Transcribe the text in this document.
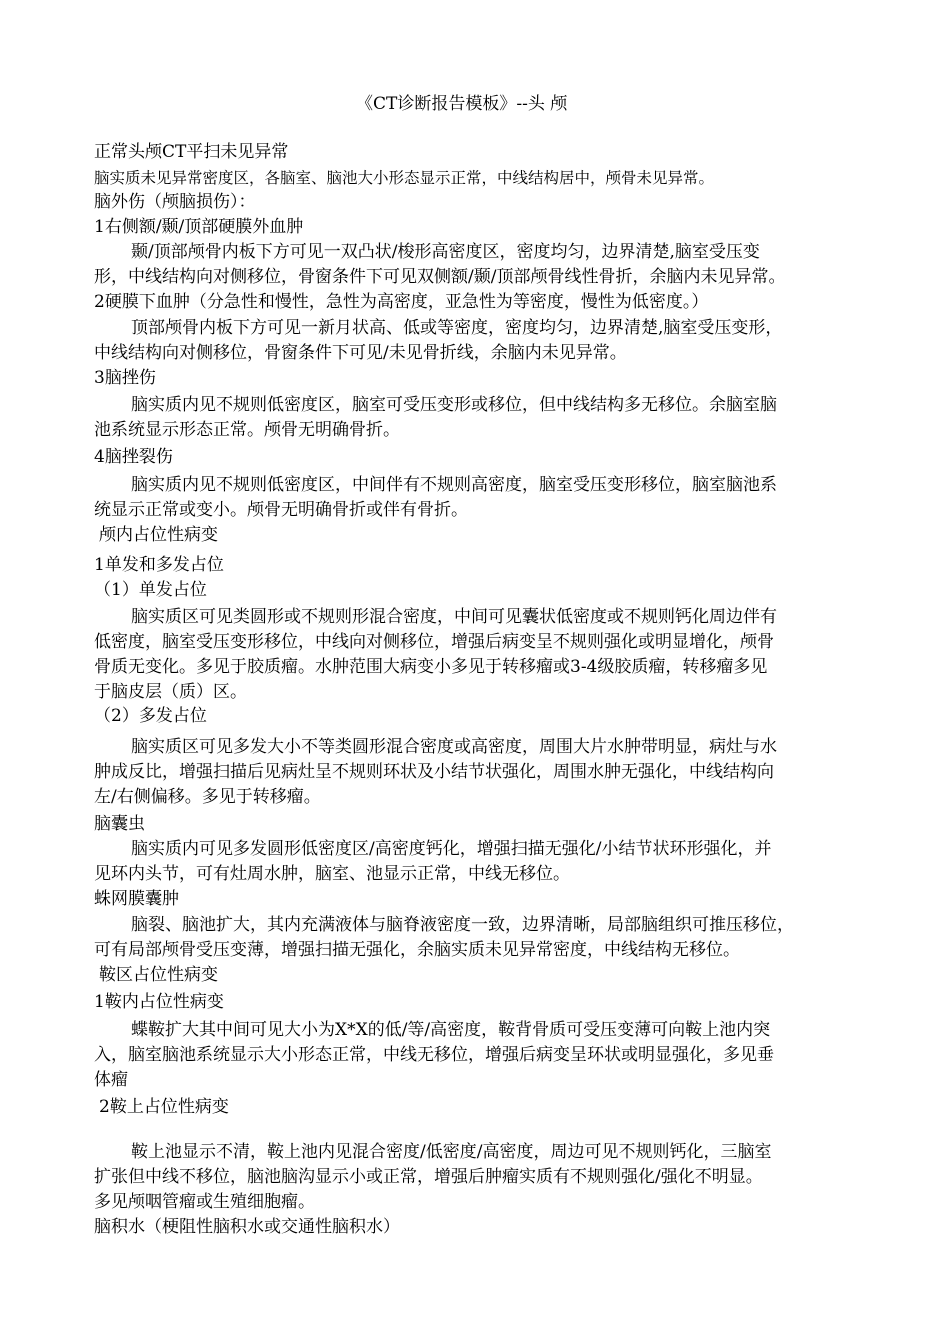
《CT诊断报告模板》--头 颅
正常头颅CT平扫未见异常
脑实质未见异常密度区，各脑室、脑池大小形态显示正常，中线结构居中，颅骨未见异常。
脑外伤（颅脑损伤）：
1右侧额/颞/顶部硬膜外血肿
颞/顶部颅骨内板下方可见一双凸状/梭形高密度区，密度均匀，边界清楚,脑室受压变
形，中线结构向对侧移位，骨窗条件下可见双侧额/颞/顶部颅骨线性骨折，余脑内未见异常。
2硬膜下血肿（分急性和慢性，急性为高密度，亚急性为等密度，慢性为低密度。）
顶部颅骨内板下方可见一新月状高、低或等密度，密度均匀，边界清楚,脑室受压变形，
中线结构向对侧移位，骨窗条件下可见/未见骨折线，余脑内未见异常。
3脑挫伤
脑实质内见不规则低密度区，脑室可受压变形或移位，但中线结构多无移位。余脑室脑
池系统显示形态正常。颅骨无明确骨折。
4脑挫裂伤
脑实质内见不规则低密度区，中间伴有不规则高密度，脑室受压变形移位，脑室脑池系
统显示正常或变小。颅骨无明确骨折或伴有骨折。
颅内占位性病变
1单发和多发占位
（1）单发占位
脑实质区可见类圆形或不规则形混合密度，中间可见囊状低密度或不规则钙化周边伴有
低密度，脑室受压变形移位，中线向对侧移位，增强后病变呈不规则强化或明显增化，颅骨
骨质无变化。多见于胶质瘤。水肿范围大病变小多见于转移瘤或3-4级胶质瘤，转移瘤多见
于脑皮层（质）区。
（2）多发占位
脑实质区可见多发大小不等类圆形混合密度或高密度，周围大片水肿带明显，病灶与水
肿成反比，增强扫描后见病灶呈不规则环状及小结节状强化，周围水肿无强化，中线结构向
左/右侧偏移。多见于转移瘤。
脑囊虫
脑实质内可见多发圆形低密度区/高密度钙化，增强扫描无强化/小结节状环形强化，并
见环内头节，可有灶周水肿，脑室、池显示正常，中线无移位。
蛛网膜囊肿
脑裂、脑池扩大，其内充满液体与脑脊液密度一致，边界清晰，局部脑组织可推压移位，
可有局部颅骨受压变薄，增强扫描无强化，余脑实质未见异常密度，中线结构无移位。
鞍区占位性病变
1鞍内占位性病变
蝶鞍扩大其中间可见大小为X*X的低/等/高密度，鞍背骨质可受压变薄可向鞍上池内突
入，脑室脑池系统显示大小形态正常，中线无移位，增强后病变呈环状或明显强化，多见垂
体瘤
2鞍上占位性病变
鞍上池显示不清，鞍上池内见混合密度/低密度/高密度，周边可见不规则钙化，三脑室
扩张但中线不移位，脑池脑沟显示小或正常，增强后肿瘤实质有不规则强化/强化不明显。
多见颅咽管瘤或生殖细胞瘤。
脑积水（梗阻性脑积水或交通性脑积水）
